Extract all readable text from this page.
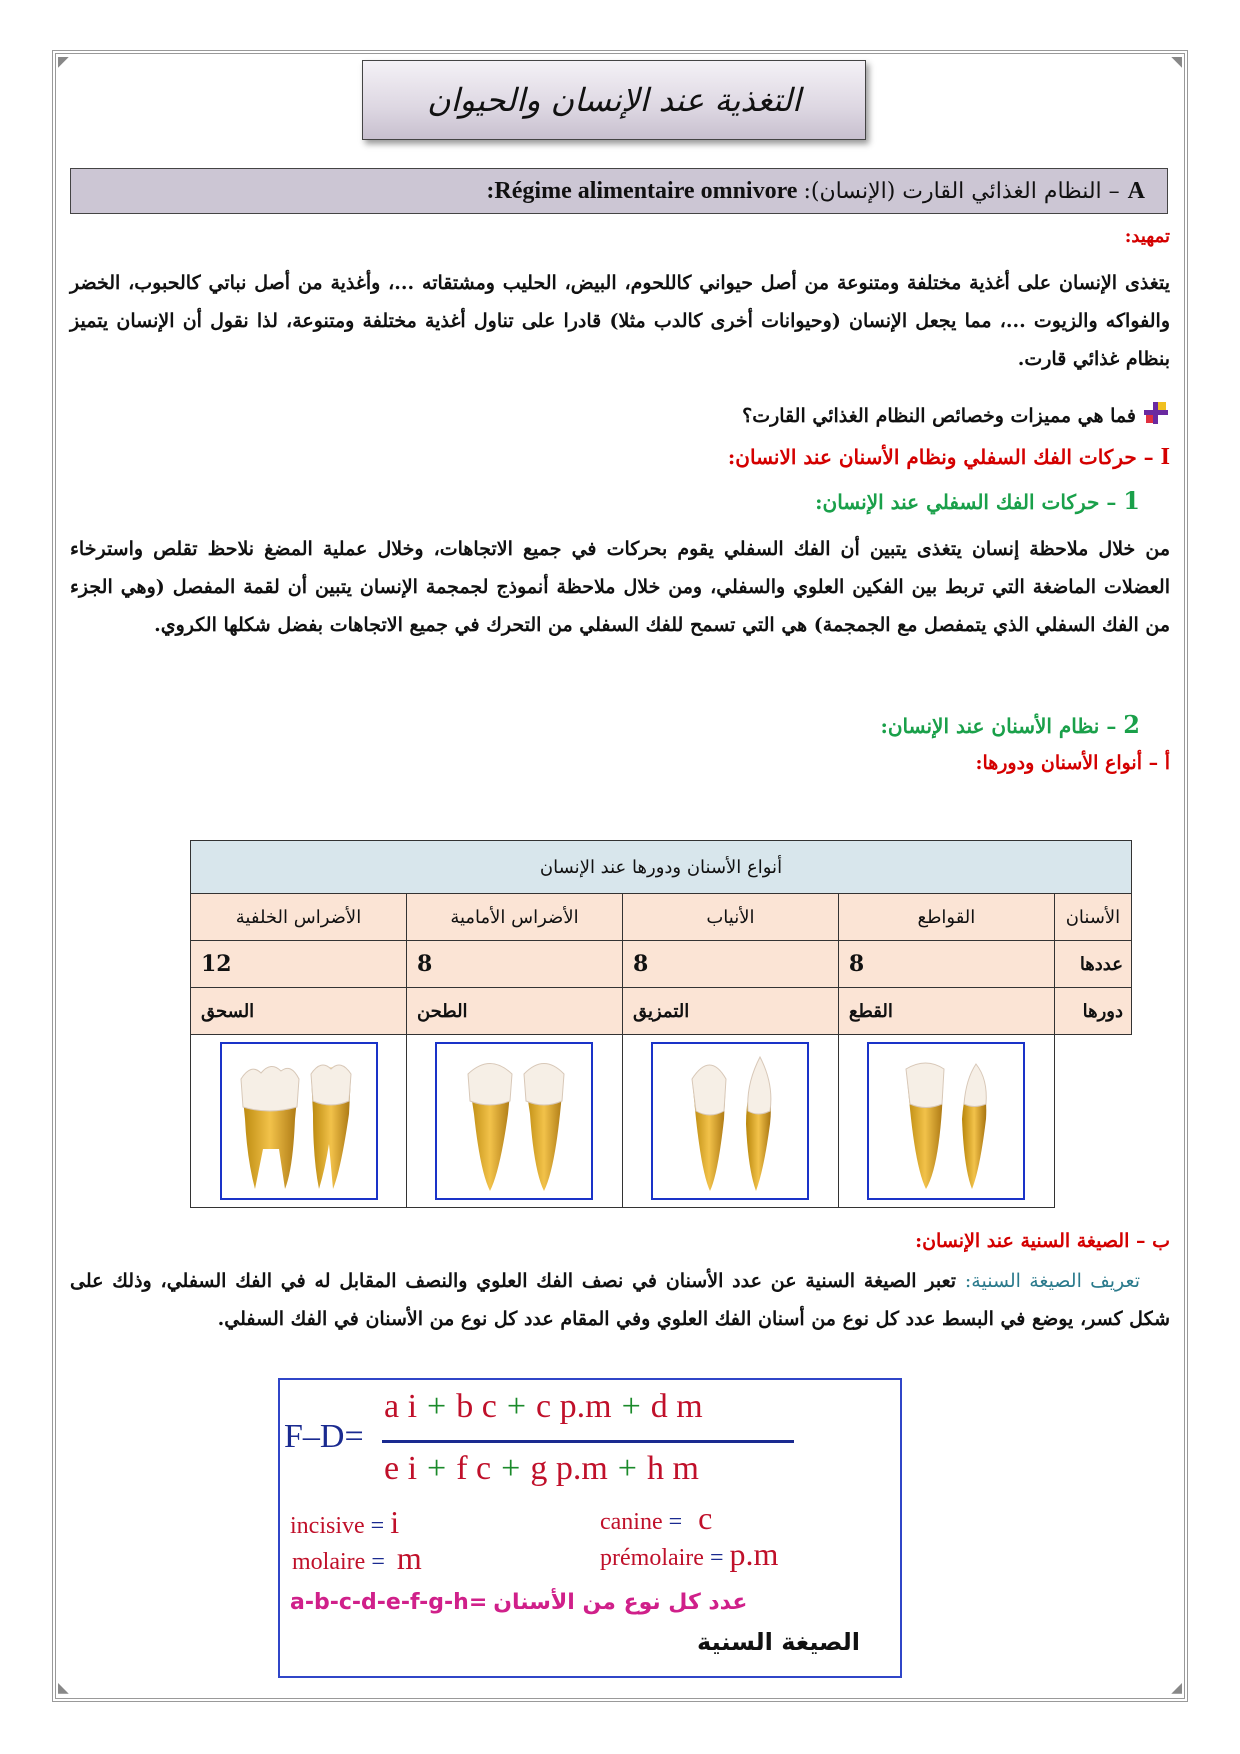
◤	◥
◣	◢
التغذية عند الإنسان والحيوان
: Régime alimentaire omnivore – النظام الغذائي القارت (الإنسان): A
تمهيد:
يتغذى الإنسان على أغذية مختلفة ومتنوعة من أصل حيواني كاللحوم، البيض، الحليب ومشتقاته ...، وأغذية من أصل نباتي كالحبوب، الخضر والفواكه والزيوت ...، مما يجعل الإنسان (وحيوانات أخرى كالدب مثلا) قادرا على تناول أغذية مختلفة ومتنوعة، لذا نقول أن الإنسان يتميز بنظام غذائي قارت.
فما هي مميزات وخصائص النظام الغذائي القارت؟
I – حركات الفك السفلي ونظام الأسنان عند الانسان:
1 – حركات الفك السفلي عند الإنسان:
من خلال ملاحظة إنسان يتغذى يتبين أن الفك السفلي يقوم بحركات في جميع الاتجاهات، وخلال عملية المضغ نلاحظ تقلص واسترخاء العضلات الماضغة التي تربط بين الفكين العلوي والسفلي، ومن خلال ملاحظة أنموذج لجمجمة الإنسان يتبين أن لقمة المفصل (وهي الجزء من الفك السفلي الذي يتمفصل مع الجمجمة) هي التي تسمح للفك السفلي من التحرك في جميع الاتجاهات بفضل شكلها الكروي.
2 – نظام الأسنان عند الإنسان:
أ – أنواع الأسنان ودورها:
أنواع الأسنان ودورها عند الإنسان				
الأسنان	القواطع	الأنياب	الأضراس الأمامية	الأضراس الخلفية
عددها	8	8	8	12
دورها	القطع	التمزيق	الطحن	السحق

ب – الصيغة السنية عند الإنسان:
تعريف الصيغة السنية: تعبر الصيغة السنية عن عدد الأسنان في نصف الفك العلوي والنصف المقابل له في الفك السفلي، وذلك على شكل كسر، يوضع في البسط عدد كل نوع من أسنان الفك العلوي وفي المقام عدد كل نوع من الأسنان في الفك السفلي.
F–D=
a i + b c + c p.m + d m
e i + f c + g p.m + h m
incisive = i	canine = c
molaire = m	prémolaire = p.m
a-b-c-d-e-f-g-h= عدد كل نوع من الأسنان
الصيغة السنية
